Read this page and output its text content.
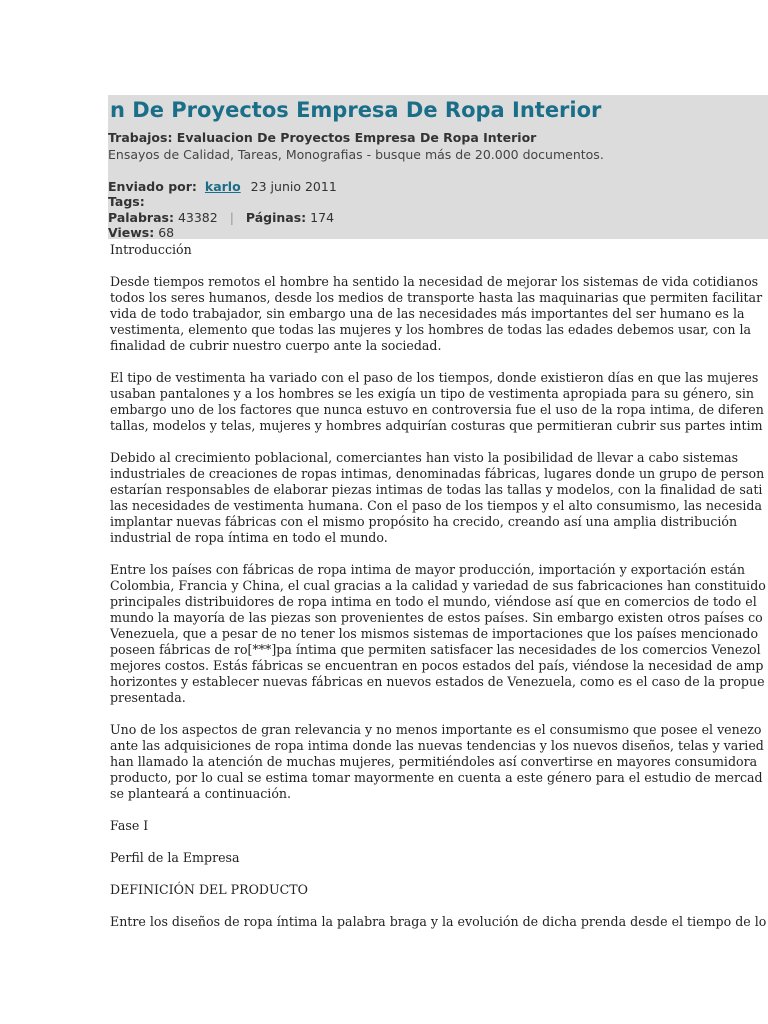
n De Proyectos Empresa De Ropa Interior
Trabajos: Evaluacion De Proyectos Empresa De Ropa Interior
Ensayos de Calidad, Tareas, Monografias - busque más de 20.000 documentos.
Enviado por: karlo 23 junio 2011
Tags:
Palabras: 43382 | Páginas: 174
Views: 68

Introducción

Desde tiempos remotos el hombre ha sentido la necesidad de mejorar los sistemas de vida cotidianos
todos los seres humanos, desde los medios de transporte hasta las maquinarias que permiten facilitar
vida de todo trabajador, sin embargo una de las necesidades más importantes del ser humano es la
vestimenta, elemento que todas las mujeres y los hombres de todas las edades debemos usar, con la
finalidad de cubrir nuestro cuerpo ante la sociedad.

El tipo de vestimenta ha variado con el paso de los tiempos, donde existieron días en que las mujeres
usaban pantalones y a los hombres se les exigía un tipo de vestimenta apropiada para su género, sin
embargo uno de los factores que nunca estuvo en controversia fue el uso de la ropa intima, de diferen
tallas, modelos y telas, mujeres y hombres adquirían costuras que permitieran cubrir sus partes intim

Debido al crecimiento poblacional, comerciantes han visto la posibilidad de llevar a cabo sistemas
industriales de creaciones de ropas intimas, denominadas fábricas, lugares donde un grupo de person
estarían responsables de elaborar piezas intimas de todas las tallas y modelos, con la finalidad de sati
las necesidades de vestimenta humana. Con el paso de los tiempos y el alto consumismo, las necesida
implantar nuevas fábricas con el mismo propósito ha crecido, creando así una amplia distribución
industrial de ropa íntima en todo el mundo.

Entre los países con fábricas de ropa intima de mayor producción, importación y exportación están
Colombia, Francia y China, el cual gracias a la calidad y variedad de sus fabricaciones han constituido
principales distribuidores de ropa intima en todo el mundo, viéndose así que en comercios de todo el
mundo la mayoría de las piezas son provenientes de estos países. Sin embargo existen otros países co
Venezuela, que a pesar de no tener los mismos sistemas de importaciones que los países mencionado
poseen fábricas de ro[***]pa íntima que permiten satisfacer las necesidades de los comercios Venezol
mejores costos. Estás fábricas se encuentran en pocos estados del país, viéndose la necesidad de amp
horizontes y establecer nuevas fábricas en nuevos estados de Venezuela, como es el caso de la propue
presentada.

Uno de los aspectos de gran relevancia y no menos importante es el consumismo que posee el venezo
ante las adquisiciones de ropa intima donde las nuevas tendencias y los nuevos diseños, telas y varied
han llamado la atención de muchas mujeres, permitiéndoles así convertirse en mayores consumidora
producto, por lo cual se estima tomar mayormente en cuenta a este género para el estudio de mercad
se planteará a continuación.

Fase I

Perfil de la Empresa

DEFINICIÓN DEL PRODUCTO

Entre los diseños de ropa íntima la palabra braga y la evolución de dicha prenda desde el tiempo de lo
